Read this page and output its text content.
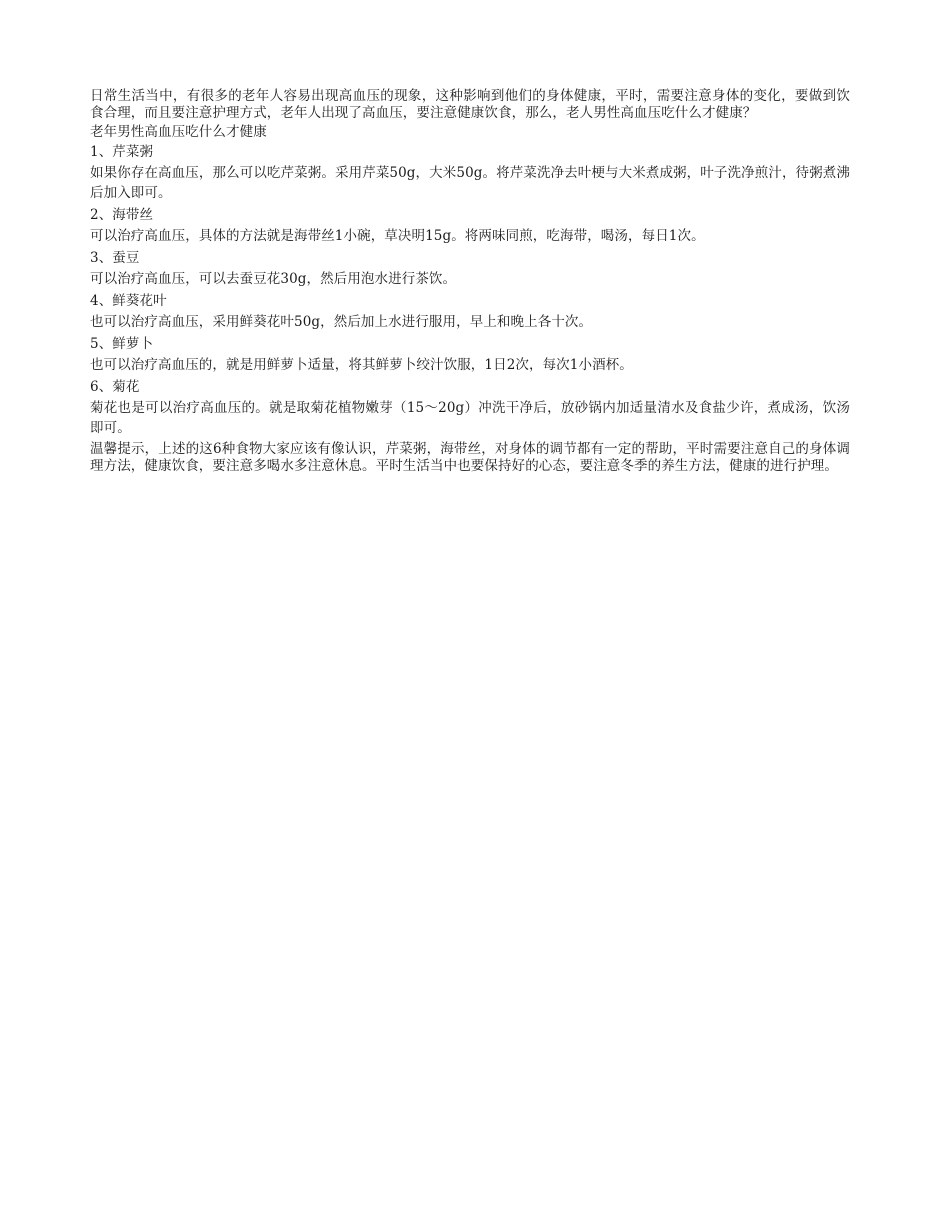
日常生活当中，有很多的老年人容易出现高血压的现象，这种影响到他们的身体健康，平时，需要注意身体的变化，要做到饮食合理，而且要注意护理方式，老年人出现了高血压，要注意健康饮食，那么，老人男性高血压吃什么才健康？

老年男性高血压吃什么才健康

1、芹菜粥

如果你存在高血压，那么可以吃芹菜粥。采用芹菜50g，大米50g。将芹菜洗净去叶梗与大米煮成粥，叶子洗净煎汁，待粥煮沸后加入即可。

2、海带丝

可以治疗高血压，具体的方法就是海带丝1小碗，草决明15g。将两味同煎，吃海带，喝汤，每日1次。

3、蚕豆

可以治疗高血压，可以去蚕豆花30g，然后用泡水进行茶饮。

4、鲜葵花叶

也可以治疗高血压，采用鲜葵花叶50g，然后加上水进行服用，早上和晚上各十次。

5、鲜萝卜

也可以治疗高血压的，就是用鲜萝卜适量，将其鲜萝卜绞汁饮服，1日2次，每次1小酒杯。

6、菊花

菊花也是可以治疗高血压的。就是取菊花植物嫩芽（15～20g）冲洗干净后，放砂锅内加适量清水及食盐少许，煮成汤，饮汤即可。

温馨提示，上述的这6种食物大家应该有像认识，芹菜粥，海带丝，对身体的调节都有一定的帮助，平时需要注意自己的身体调理方法，健康饮食，要注意多喝水多注意休息。平时生活当中也要保持好的心态，要注意冬季的养生方法，健康的进行护理。
